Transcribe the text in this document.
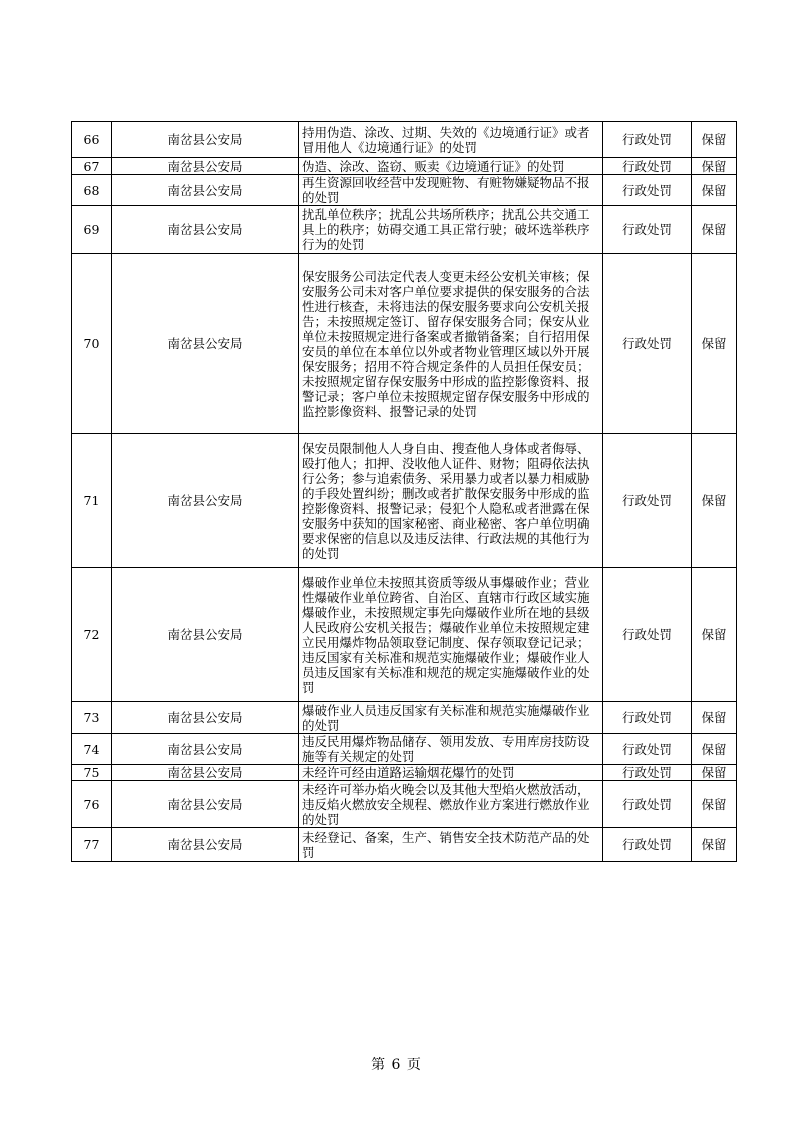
66	南岔县公安局	持用伪造、涂改、过期、失效的《边境通行证》或者冒用他人《边境通行证》的处罚	行政处罚	保留
67	南岔县公安局	伪造、涂改、盗窃、贩卖《边境通行证》的处罚	行政处罚	保留
68	南岔县公安局	再生资源回收经营中发现赃物、有赃物嫌疑物品不报的处罚	行政处罚	保留
69	南岔县公安局	扰乱单位秩序；扰乱公共场所秩序；扰乱公共交通工具上的秩序；妨碍交通工具正常行驶；破坏选举秩序行为的处罚	行政处罚	保留
70	南岔县公安局	保安服务公司法定代表人变更未经公安机关审核；保安服务公司未对客户单位要求提供的保安服务的合法性进行核查，未将违法的保安服务要求向公安机关报告；未按照规定签订、留存保安服务合同；保安从业单位未按照规定进行备案或者撤销备案；自行招用保安员的单位在本单位以外或者物业管理区域以外开展保安服务；招用不符合规定条件的人员担任保安员；未按照规定留存保安服务中形成的监控影像资料、报警记录；客户单位未按照规定留存保安服务中形成的监控影像资料、报警记录的处罚	行政处罚	保留
71	南岔县公安局	保安员限制他人人身自由、搜查他人身体或者侮辱、殴打他人；扣押、没收他人证件、财物；阻碍依法执行公务；参与追索债务、采用暴力或者以暴力相威胁的手段处置纠纷；删改或者扩散保安服务中形成的监控影像资料、报警记录；侵犯个人隐私或者泄露在保安服务中获知的国家秘密、商业秘密、客户单位明确要求保密的信息以及违反法律、行政法规的其他行为的处罚	行政处罚	保留
72	南岔县公安局	爆破作业单位未按照其资质等级从事爆破作业；营业性爆破作业单位跨省、自治区、直辖市行政区域实施爆破作业，未按照规定事先向爆破作业所在地的县级人民政府公安机关报告；爆破作业单位未按照规定建立民用爆炸物品领取登记制度、保存领取登记记录；违反国家有关标准和规范实施爆破作业；爆破作业人员违反国家有关标准和规范的规定实施爆破作业的处罚	行政处罚	保留
73	南岔县公安局	爆破作业人员违反国家有关标准和规范实施爆破作业的处罚	行政处罚	保留
74	南岔县公安局	违反民用爆炸物品储存、领用发放、专用库房技防设施等有关规定的处罚	行政处罚	保留
75	南岔县公安局	未经许可经由道路运输烟花爆竹的处罚	行政处罚	保留
76	南岔县公安局	未经许可举办焰火晚会以及其他大型焰火燃放活动，违反焰火燃放安全规程、燃放作业方案进行燃放作业的处罚	行政处罚	保留
77	南岔县公安局	未经登记、备案，生产、销售安全技术防范产品的处罚	行政处罚	保留
第 6 页
